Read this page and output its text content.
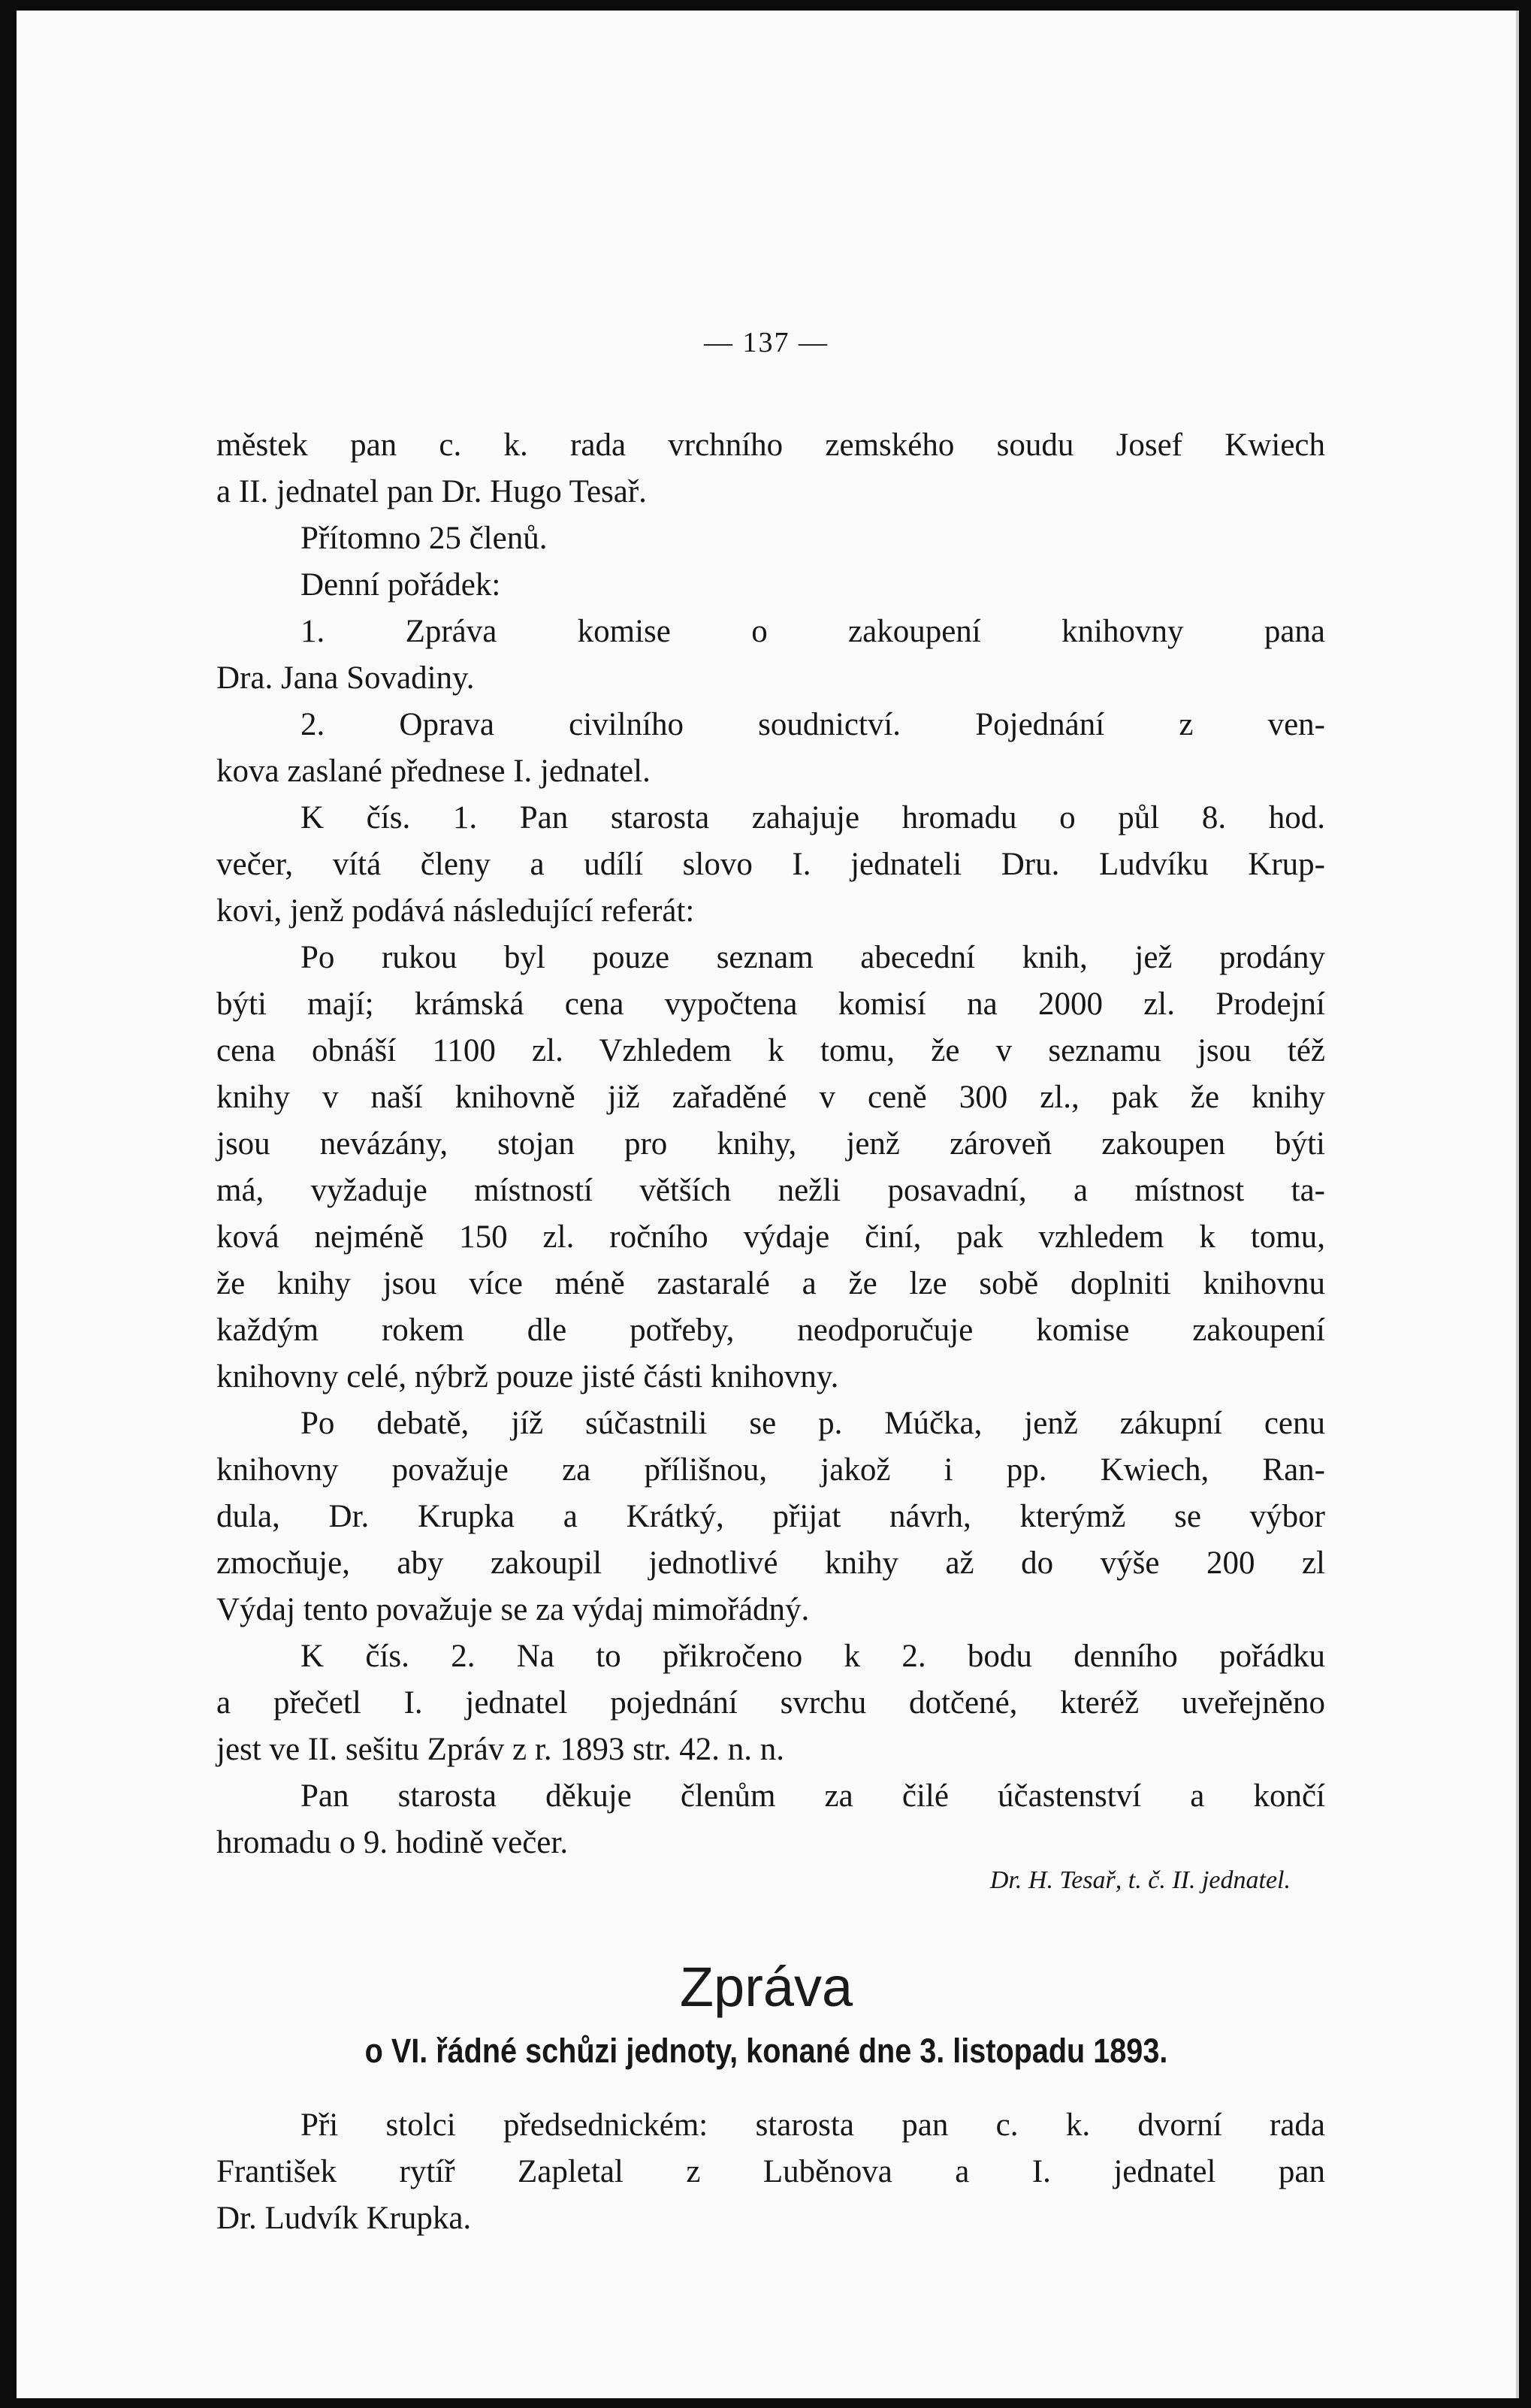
— 137 —
městek pan c. k. rada vrchního zemského soudu Josef Kwiech
a II. jednatel pan Dr. Hugo Tesař.
Přítomno 25 členů.
Denní pořádek:
1. Zpráva komise o zakoupení knihovny pana
Dra. Jana Sovadiny.
2. Oprava civilního soudnictví. Pojednání z ven-
kova zaslané přednese I. jednatel.
K čís. 1. Pan starosta zahajuje hromadu o půl 8. hod.
večer, vítá členy a udílí slovo I. jednateli Dru. Ludvíku Krup-
kovi, jenž podává následující referát:
Po rukou byl pouze seznam abecední knih, jež prodány
býti mají; krámská cena vypočtena komisí na 2000 zl. Prodejní
cena obnáší 1100 zl. Vzhledem k tomu, že v seznamu jsou též
knihy v naší knihovně již zařaděné v ceně 300 zl., pak že knihy
jsou nevázány, stojan pro knihy, jenž zároveň zakoupen býti
má, vyžaduje místností větších nežli posavadní, a místnost ta-
ková nejméně 150 zl. ročního výdaje činí, pak vzhledem k tomu,
že knihy jsou více méně zastaralé a že lze sobě doplniti knihovnu
každým rokem dle potřeby, neodporučuje komise zakoupení
knihovny celé, nýbrž pouze jisté části knihovny.
Po debatě, jíž súčastnili se p. Múčka, jenž zákupní cenu
knihovny považuje za přílišnou, jakož i pp. Kwiech, Ran-
dula, Dr. Krupka a Krátký, přijat návrh, kterýmž se výbor
zmocňuje, aby zakoupil jednotlivé knihy až do výše 200 zl
Výdaj tento považuje se za výdaj mimořádný.
K čís. 2. Na to přikročeno k 2. bodu denního pořádku
a přečetl I. jednatel pojednání svrchu dotčené, kteréž uveřejněno
jest ve II. sešitu Zpráv z r. 1893 str. 42. n. n.
Pan starosta děkuje členům za čilé účastenství a končí
hromadu o 9. hodině večer.
Dr. H. Tesař, t. č. II. jednatel.
Zpráva
o VI. řádné schůzi jednoty, konané dne 3. listopadu 1893.
Při stolci předsednickém: starosta pan c. k. dvorní rada
František rytíř Zapletal z Luběnova a I. jednatel pan
Dr. Ludvík Krupka.
